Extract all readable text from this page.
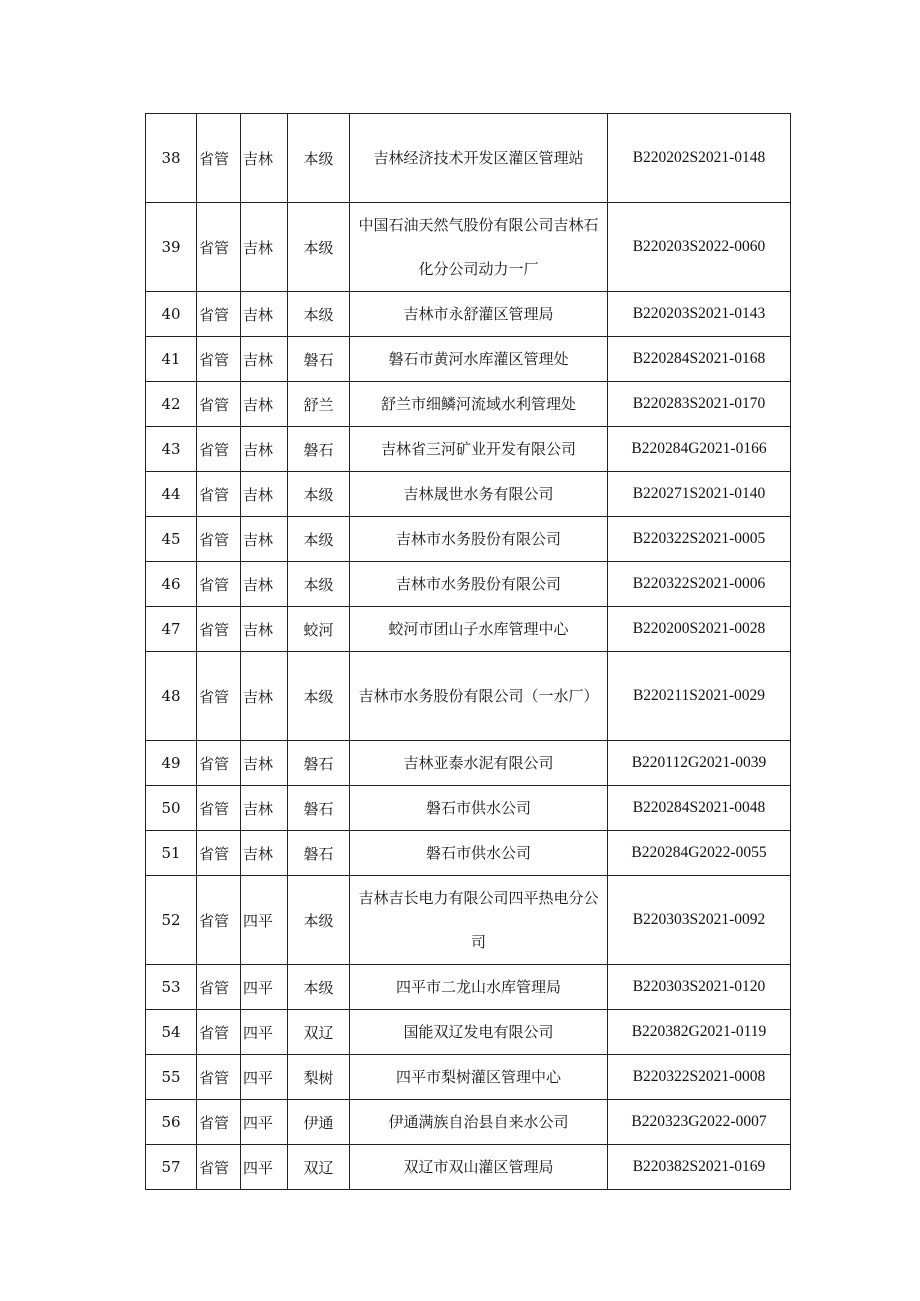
38	省管	吉林	本级	吉林经济技术开发区灌区管理站	B220202S2021-0148
39	省管	吉林	本级	中国石油天然气股份有限公司吉林石化分公司动力一厂	B220203S2022-0060
40	省管	吉林	本级	吉林市永舒灌区管理局	B220203S2021-0143
41	省管	吉林	磐石	磐石市黄河水库灌区管理处	B220284S2021-0168
42	省管	吉林	舒兰	舒兰市细鳞河流域水利管理处	B220283S2021-0170
43	省管	吉林	磐石	吉林省三河矿业开发有限公司	B220284G2021-0166
44	省管	吉林	本级	吉林晟世水务有限公司	B220271S2021-0140
45	省管	吉林	本级	吉林市水务股份有限公司	B220322S2021-0005
46	省管	吉林	本级	吉林市水务股份有限公司	B220322S2021-0006
47	省管	吉林	蛟河	蛟河市团山子水库管理中心	B220200S2021-0028
48	省管	吉林	本级	吉林市水务股份有限公司（一水厂）	B220211S2021-0029
49	省管	吉林	磐石	吉林亚泰水泥有限公司	B220112G2021-0039
50	省管	吉林	磐石	磐石市供水公司	B220284S2021-0048
51	省管	吉林	磐石	磐石市供水公司	B220284G2022-0055
52	省管	四平	本级	吉林吉长电力有限公司四平热电分公司	B220303S2021-0092
53	省管	四平	本级	四平市二龙山水库管理局	B220303S2021-0120
54	省管	四平	双辽	国能双辽发电有限公司	B220382G2021-0119
55	省管	四平	梨树	四平市梨树灌区管理中心	B220322S2021-0008
56	省管	四平	伊通	伊通满族自治县自来水公司	B220323G2022-0007
57	省管	四平	双辽	双辽市双山灌区管理局	B220382S2021-0169
